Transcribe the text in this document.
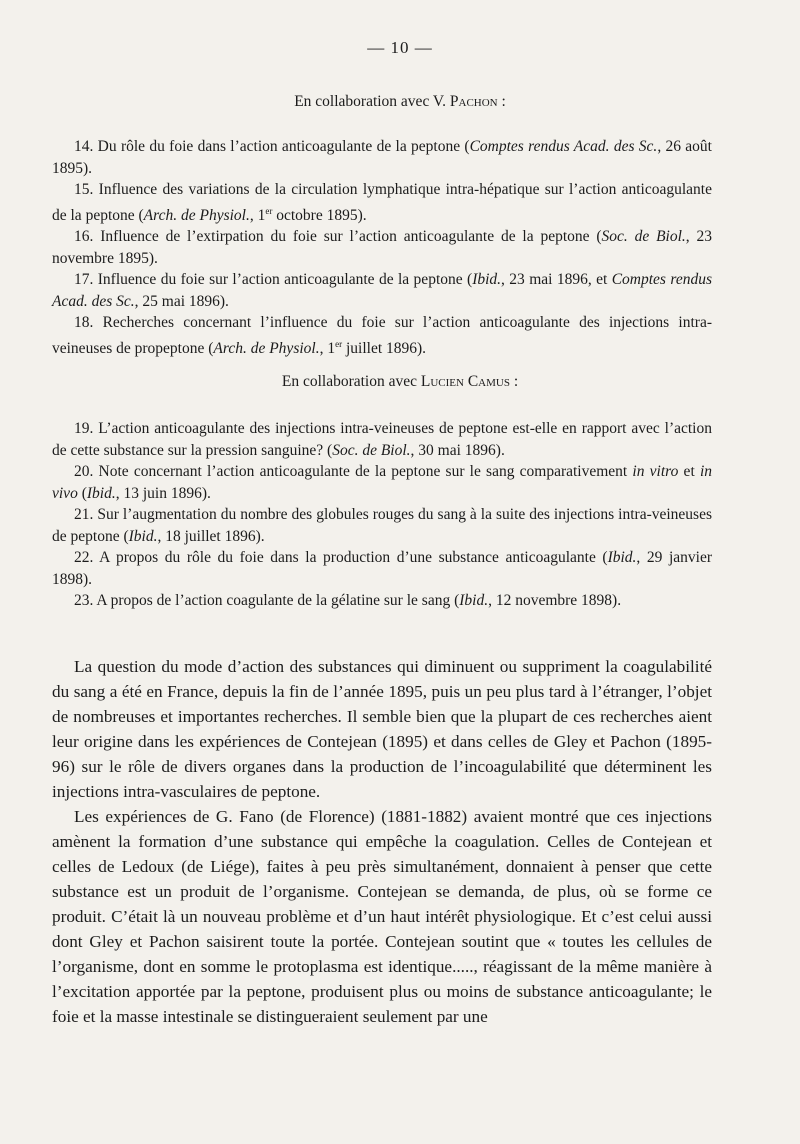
— 10 —
En collaboration avec V. Pachon :

14. Du rôle du foie dans l’action anticoagulante de la peptone (Comptes rendus Acad. des Sc., 26 août 1895).

15. Influence des variations de la circulation lymphatique intra-hépatique sur l’action anticoagulante de la peptone (Arch. de Physiol., 1er octobre 1895).

16. Influence de l’extirpation du foie sur l’action anticoagulante de la peptone (Soc. de Biol., 23 novembre 1895).

17. Influence du foie sur l’action anticoagulante de la peptone (Ibid., 23 mai 1896, et Comptes rendus Acad. des Sc., 25 mai 1896).

18. Recherches concernant l’influence du foie sur l’action anticoagulante des injections intra-veineuses de propeptone (Arch. de Physiol., 1er juillet 1896).

En collaboration avec Lucien Camus :

19. L’action anticoagulante des injections intra-veineuses de peptone est-elle en rapport avec l’action de cette substance sur la pression sanguine? (Soc. de Biol., 30 mai 1896).

20. Note concernant l’action anticoagulante de la peptone sur le sang comparativement in vitro et in vivo (Ibid., 13 juin 1896).

21. Sur l’augmentation du nombre des globules rouges du sang à la suite des injections intra-veineuses de peptone (Ibid., 18 juillet 1896).

22. A propos du rôle du foie dans la production d’une substance anticoagulante (Ibid., 29 janvier 1898).

23. A propos de l’action coagulante de la gélatine sur le sang (Ibid., 12 novembre 1898).

La question du mode d’action des substances qui diminuent ou suppriment la coagulabilité du sang a été en France, depuis la fin de l’année 1895, puis un peu plus tard à l’étranger, l’objet de nombreuses et importantes recherches. Il semble bien que la plupart de ces recherches aient leur origine dans les expériences de Contejean (1895) et dans celles de Gley et Pachon (1895-96) sur le rôle de divers organes dans la production de l’incoagulabilité que déterminent les injections intra-vasculaires de peptone.

Les expériences de G. Fano (de Florence) (1881-1882) avaient montré que ces injections amènent la formation d’une substance qui empêche la coagulation. Celles de Contejean et celles de Ledoux (de Liége), faites à peu près simultanément, donnaient à penser que cette substance est un produit de l’organisme. Contejean se demanda, de plus, où se forme ce produit. C’était là un nouveau problème et d’un haut intérêt physiologique. Et c’est celui aussi dont Gley et Pachon saisirent toute la portée. Contejean soutint que « toutes les cellules de l’organisme, dont en somme le protoplasma est identique....., réagissant de la même manière à l’excitation apportée par la peptone, produisent plus ou moins de substance anticoagulante; le foie et la masse intestinale se distingueraient seulement par une
